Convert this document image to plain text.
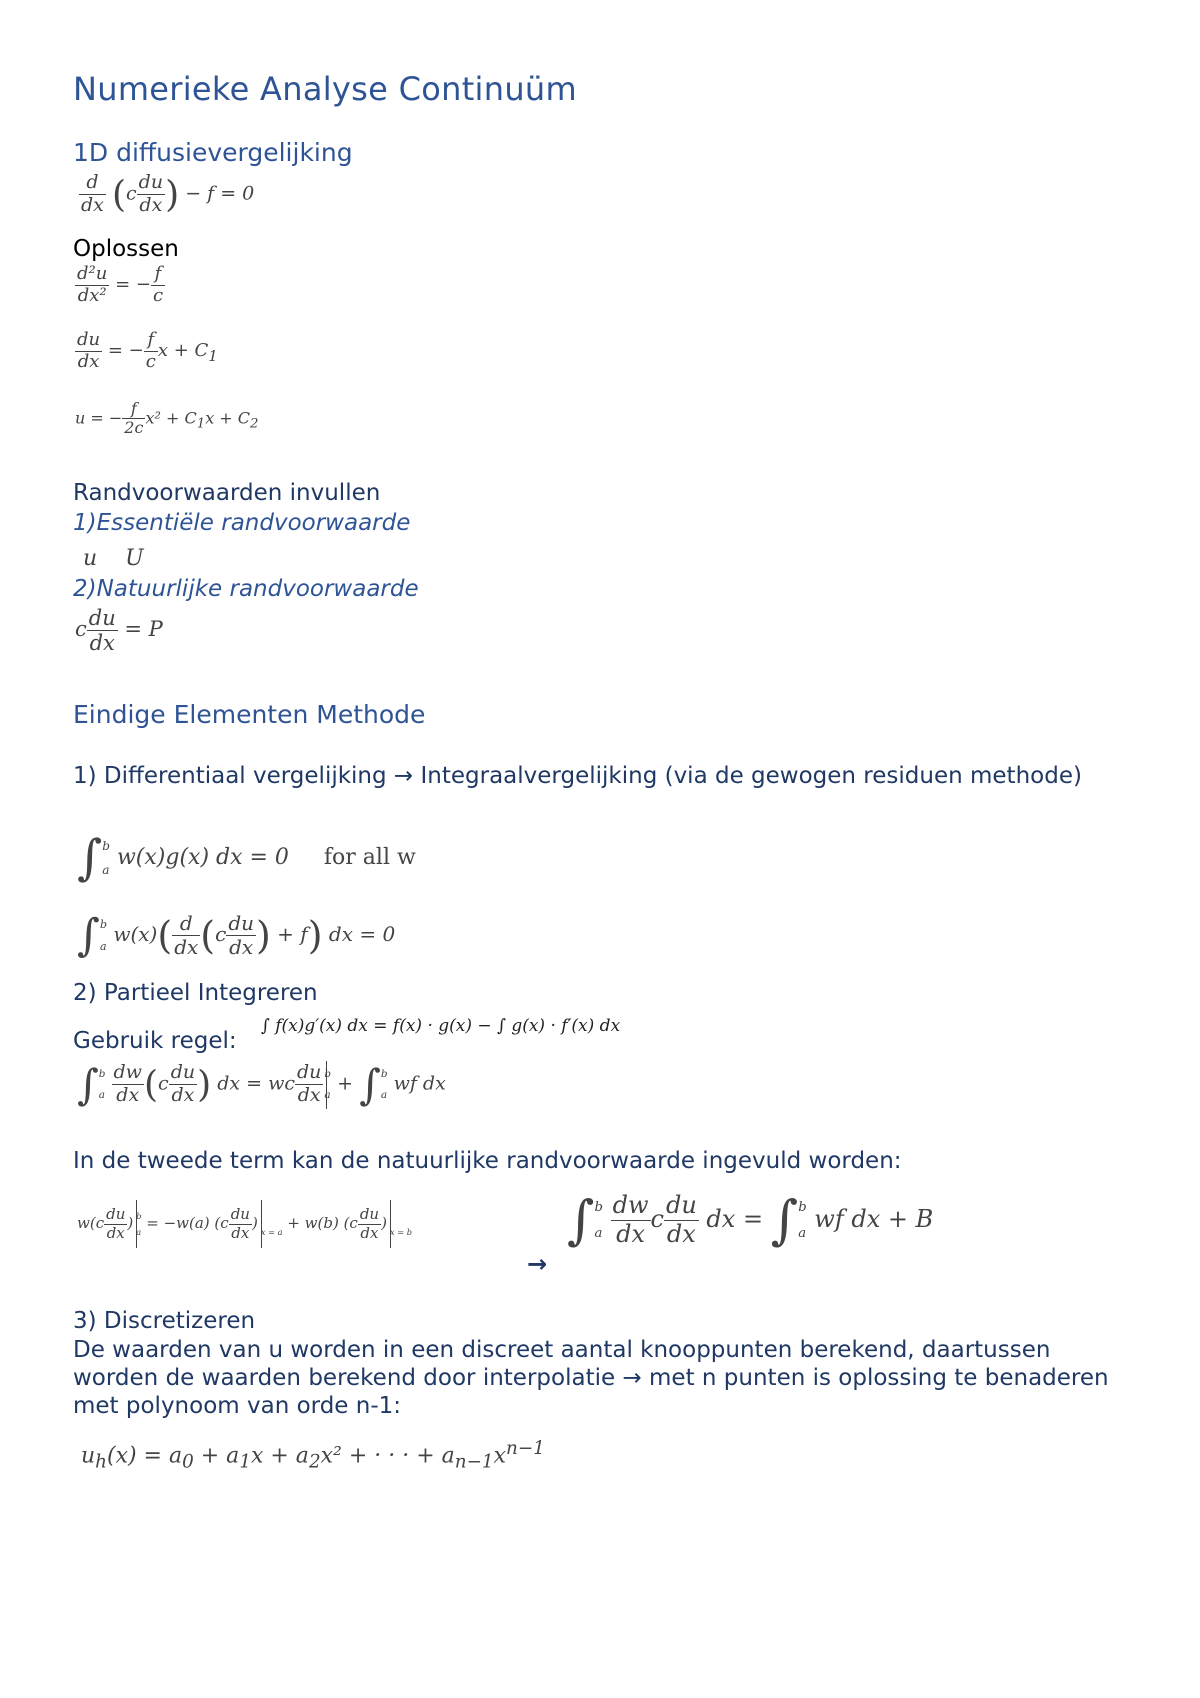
Numerieke Analyse Continuüm
1D diffusievergelijking
$\frac{d}{dx} (c \frac{du}{dx}$ ) − f = 0
Oplossen
$\frac{\text{d²u}}{\text{dx²}}$ = − $\frac{f}{c}$
$\frac{du}{dx}$ = − $\frac{f}{c}$ $x + C_1$
u = − $\frac{f}{2c} x^2 + C_1x + C_2$
Randvoorwaarden invullen
1)Essentiële randvoorwaarde
u    U
2)Natuurlijke randvoorwaarde
c $\frac{du}{dx} = P$
Eindige Elementen Methode
1) Differentiaal vergelijking → Integraalvergelijking (via de gewogen residuen methode)
∫ b

a
w(x)g(x) dx = 0     for all w
∫ b

a
$w(x)( \frac{d}{dx} (c \frac{du}{dx}$ ) + f) dx = 0
2) Partieel Integreren
Gebruik regel:
∫ f(x)g′(x) dx = f(x) · g(x) − ∫ g(x) · f′(x) dx
∫ b

a
$\frac{dw}{dx} (c \frac{du}{dx}$ ) dx = wc $\frac{du}{dx}$ b

a
+ ∫ b

a
wf dx
In de tweede term kan de natuurlijke randvoorwaarde ingevuld worden:
$w(c \frac{du}{dx}$ ) b

a
= −w(a) ($c \frac{du}{dx}$ )

x = a
+ w(b) ($c \frac{du}{dx}$ )

x = b
→
∫ b

a
$\frac{dw}{dx}$ c $\frac{du}{dx}$ dx = ∫ b

a
wf dx + B
3) Discretizeren
De waarden van u worden in een discreet aantal knooppunten berekend, daartussen worden de waarden berekend door interpolatie → met n punten is oplossing te benaderen met polynoom van orde n-1:
$u_h(x) = a_0 + a_1x + a_2x^2$ + · · · + $a_{n-1}x^{n-1}$
